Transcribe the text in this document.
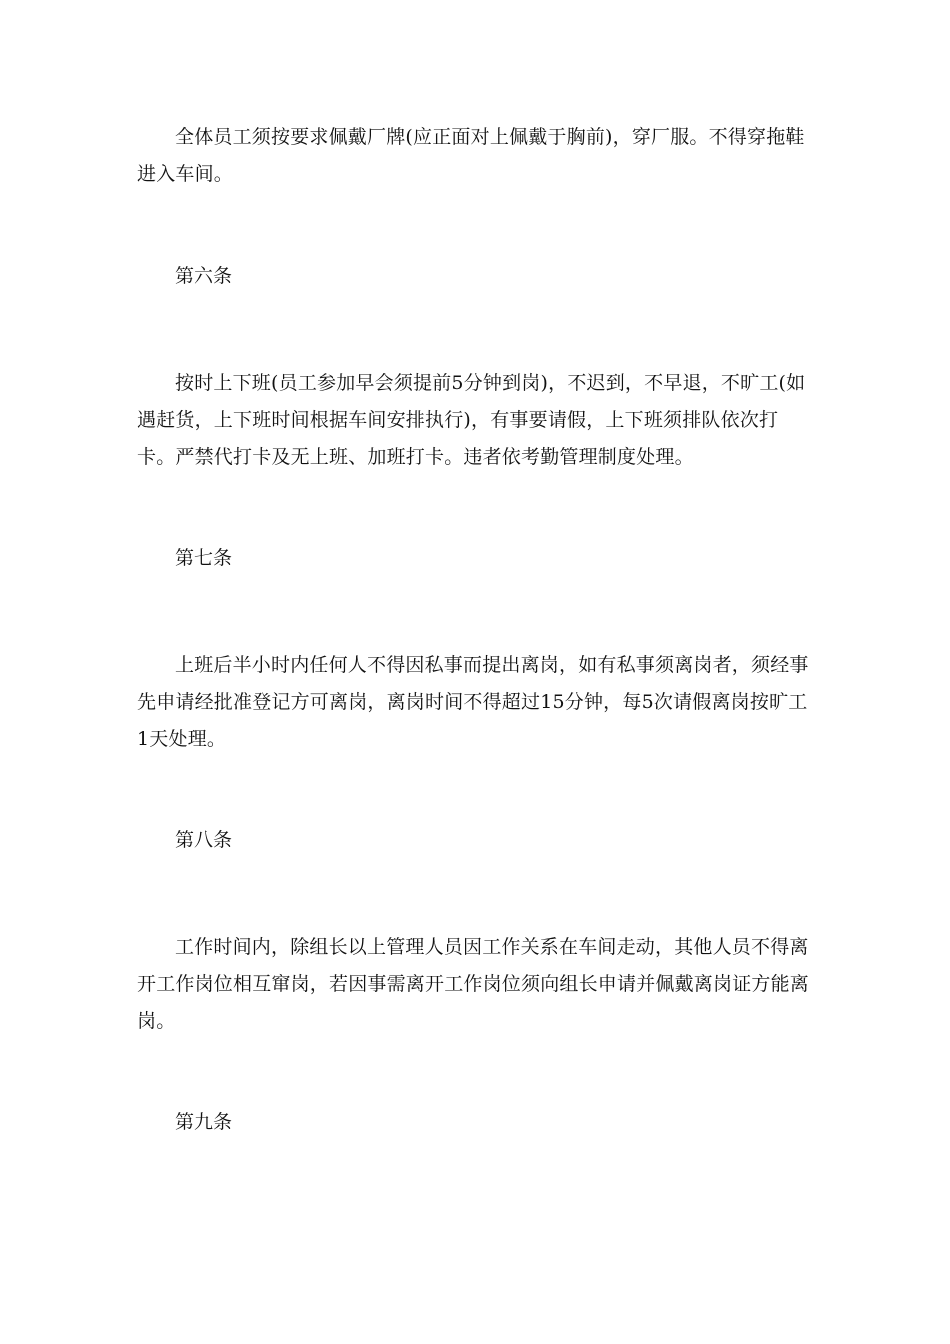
全体员工须按要求佩戴厂牌(应正面对上佩戴于胸前)，穿厂服。不得穿拖鞋进入车间。

第六条

按时上下班(员工参加早会须提前5分钟到岗)，不迟到，不早退，不旷工(如遇赶货，上下班时间根据车间安排执行)，有事要请假，上下班须排队依次打卡。严禁代打卡及无上班、加班打卡。违者依考勤管理制度处理。

第七条

上班后半小时内任何人不得因私事而提出离岗，如有私事须离岗者，须经事先申请经批准登记方可离岗，离岗时间不得超过15分钟，每5次请假离岗按旷工1天处理。

第八条

工作时间内，除组长以上管理人员因工作关系在车间走动，其他人员不得离开工作岗位相互窜岗，若因事需离开工作岗位须向组长申请并佩戴离岗证方能离岗。

第九条
